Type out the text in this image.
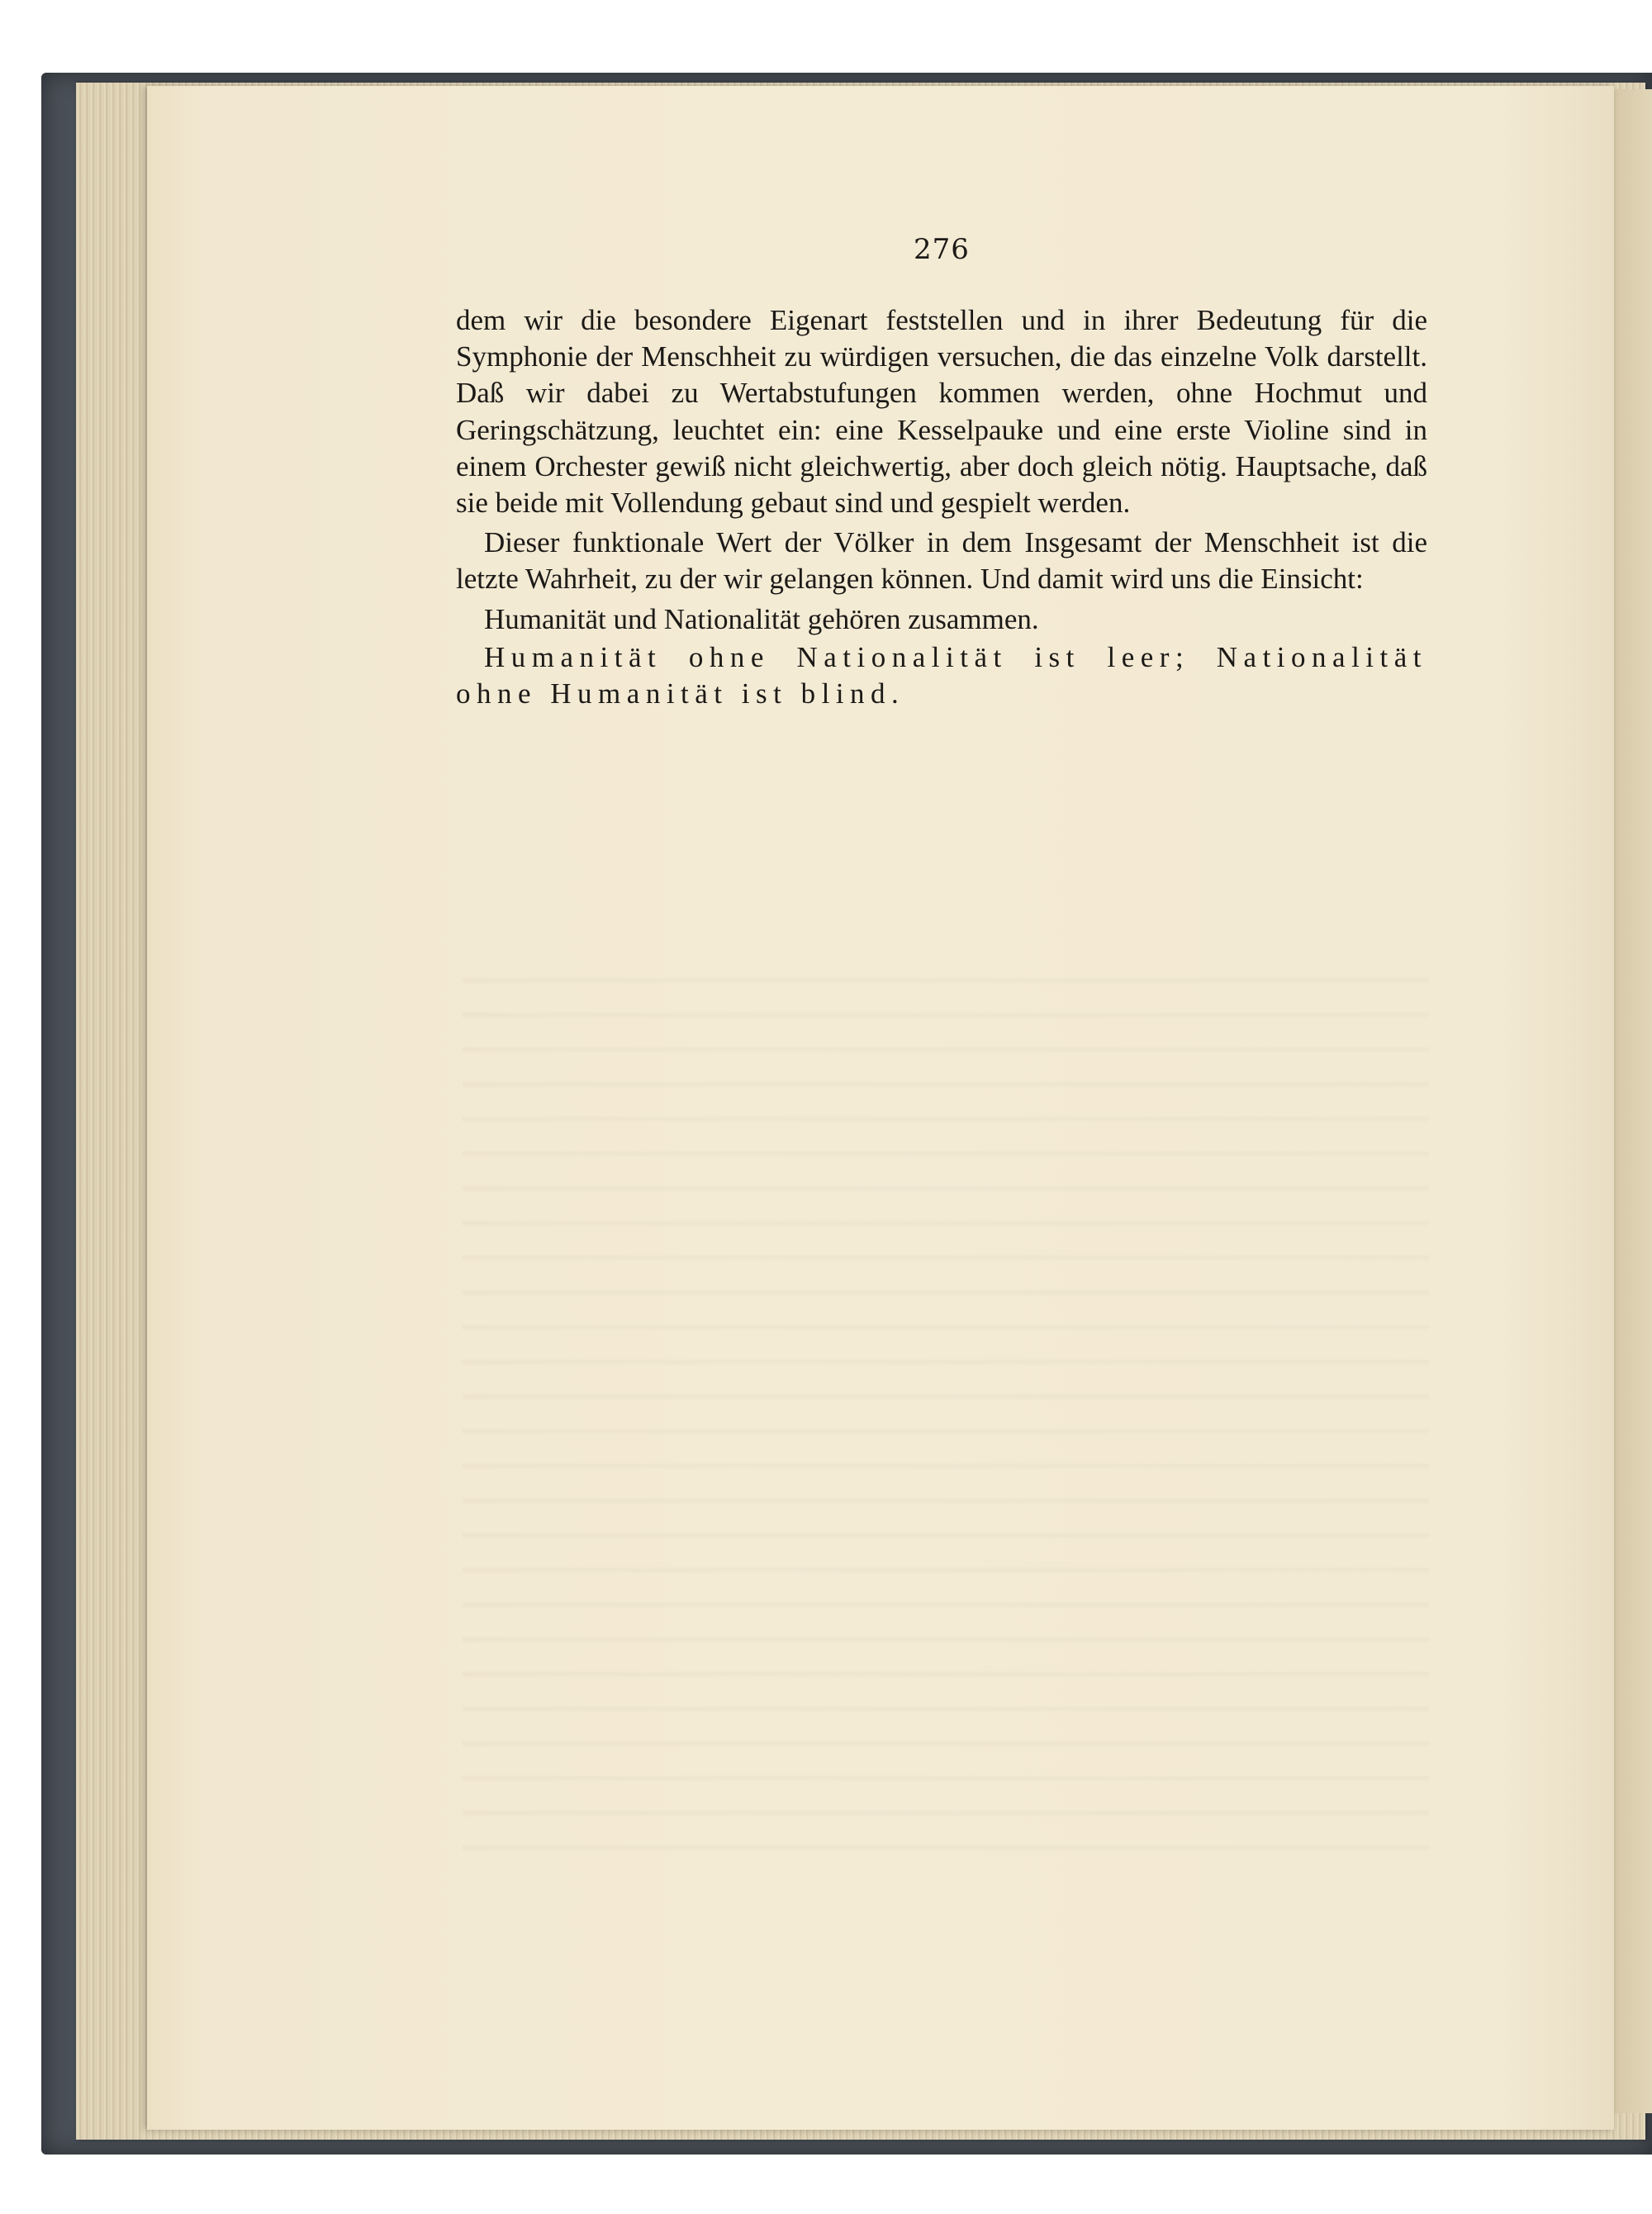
276

dem wir die besondere Eigenart feststellen und in ihrer Bedeutung für die Symphonie der Menschheit zu würdigen versuchen, die das einzelne Volk darstellt. Daß wir dabei zu Wertabstufungen kommen werden, ohne Hochmut und Geringschätzung, leuchtet ein: eine Kesselpauke und eine erste Violine sind in einem Orchester gewiß nicht gleichwertig, aber doch gleich nötig. Hauptsache, daß sie beide mit Vollendung gebaut sind und gespielt werden.

Dieser funktionale Wert der Völker in dem Insgesamt der Menschheit ist die letzte Wahrheit, zu der wir gelangen können. Und damit wird uns die Einsicht:

Humanität und Nationalität gehören zusammen.

Humanität ohne Nationalität ist leer; Nationalität ohne Humanität ist blind.
